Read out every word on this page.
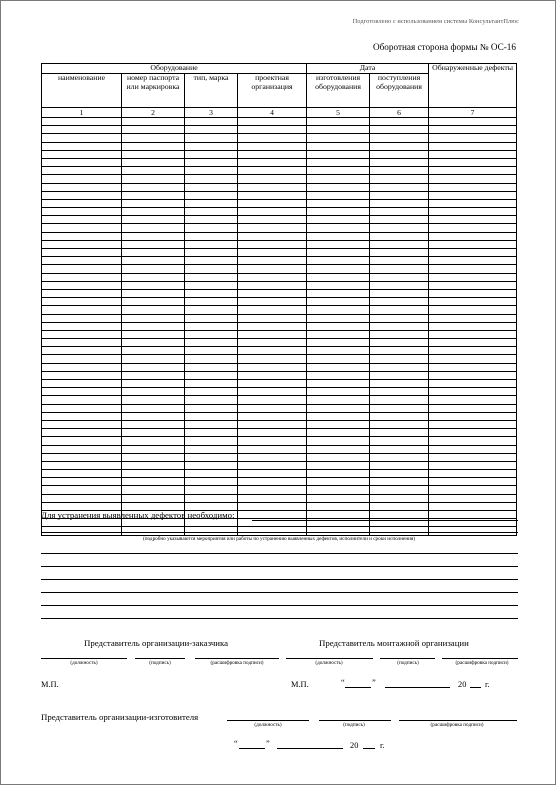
Подготовлено с использованием системы КонсультантПлюс
Оборотная сторона формы № ОС-16
Оборудование				Дата		Обнаруженные дефекты
наименование	номер паспорта или маркировка	тип, марка	проектная организация	изготовления оборудования	поступления оборудования	
1	2	3	4	5	6	7

Для устранения выявленных дефектов необходимо:
(подробно указываются мероприятия или работы по устранению выявленных дефектов, исполнители и сроки исполнения)
Представитель организации-заказчика	Представитель монтажной организации
(должность)	(подпись)	(расшифровка подписи)	(должность)	(подпись)	(расшифровка подписи)
М.П.	М.П.	“	”	20 г.
Представитель организации-изготовителя
(должность)	(подпись)	(расшифровка подписи)
“	”	20	г.
